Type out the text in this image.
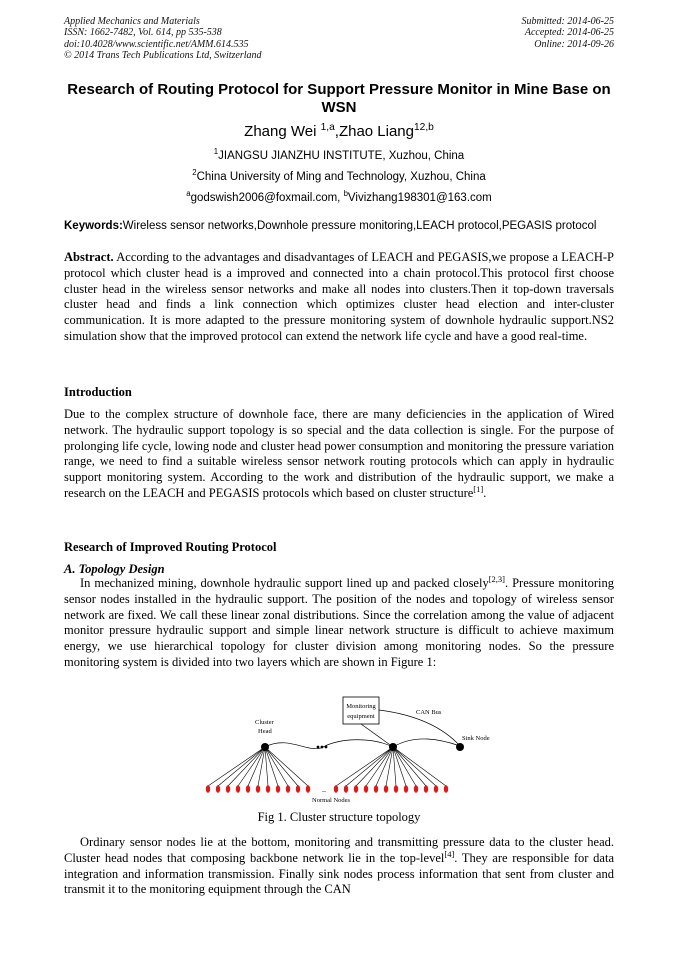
Applied Mechanics and Materials
ISSN: 1662-7482, Vol. 614, pp 535-538
doi:10.4028/www.scientific.net/AMM.614.535
© 2014 Trans Tech Publications Ltd, Switzerland
Submitted: 2014-06-25
Accepted: 2014-06-25
Online: 2014-09-26
Research of Routing Protocol for Support Pressure Monitor in Mine Base on WSN
Zhang Wei $^{1,a}$,Zhao Liang$^{12,b}$
$^1$JIANGSU JIANZHU INSTITUTE, Xuzhou, China
$^2$China University of Ming and Technology, Xuzhou, China
$^a$godswish2006@foxmail.com, $^b$Vivizhang198301@163.com
Keywords:Wireless sensor networks,Downhole pressure monitoring,LEACH protocol,PEGASIS protocol
Abstract. According to the advantages and disadvantages of LEACH and PEGASIS,we propose a LEACH-P protocol which cluster head is a improved and connected into a chain protocol.This protocol first choose cluster head in the wireless sensor networks and make all nodes into clusters.Then it top-down traversals cluster head and finds a link connection which optimizes cluster head election and inter-cluster communication. It is more adapted to the pressure monitoring system of downhole hydraulic support.NS2 simulation show that the improved protocol can extend the network life cycle and have a good real-time.
Introduction
Due to the complex structure of downhole face, there are many deficiencies in the application of Wired network. The hydraulic support topology is so special and the data collection is single. For the purpose of prolonging life cycle, lowing node and cluster head power consumption and monitoring the pressure variation range, we need to find a suitable wireless sensor network routing protocols which can apply in hydraulic support monitoring system. According to the work and distribution of the hydraulic support, we make a research on the LEACH and PEGASIS protocols which based on cluster structure[1].
Research of Improved Routing Protocol
A. Topology Design
In mechanized mining, downhole hydraulic support lined up and packed closely[2,3]. Pressure monitoring sensor nodes installed in the hydraulic support. The position of the nodes and topology of wireless sensor network are fixed. We call these linear zonal distributions. Since the correlation among the value of adjacent monitor pressure hydraulic support and simple linear network structure is difficult to achieve maximum energy, we use hierarchical topology for cluster division among monitoring nodes. So the pressure monitoring system is divided into two layers which are shown in Figure 1:
Monitoring
equipment
CAN Bus
Cluster
Head
Sink Node
Normal Nodes
..
Fig 1. Cluster structure topology
Ordinary sensor nodes lie at the bottom, monitoring and transmitting pressure data to the cluster head. Cluster head nodes that composing backbone network lie in the top-level[4]. They are responsible for data integration and information transmission. Finally sink nodes process information that sent from cluster and transmit it to the monitoring equipment through the CAN
